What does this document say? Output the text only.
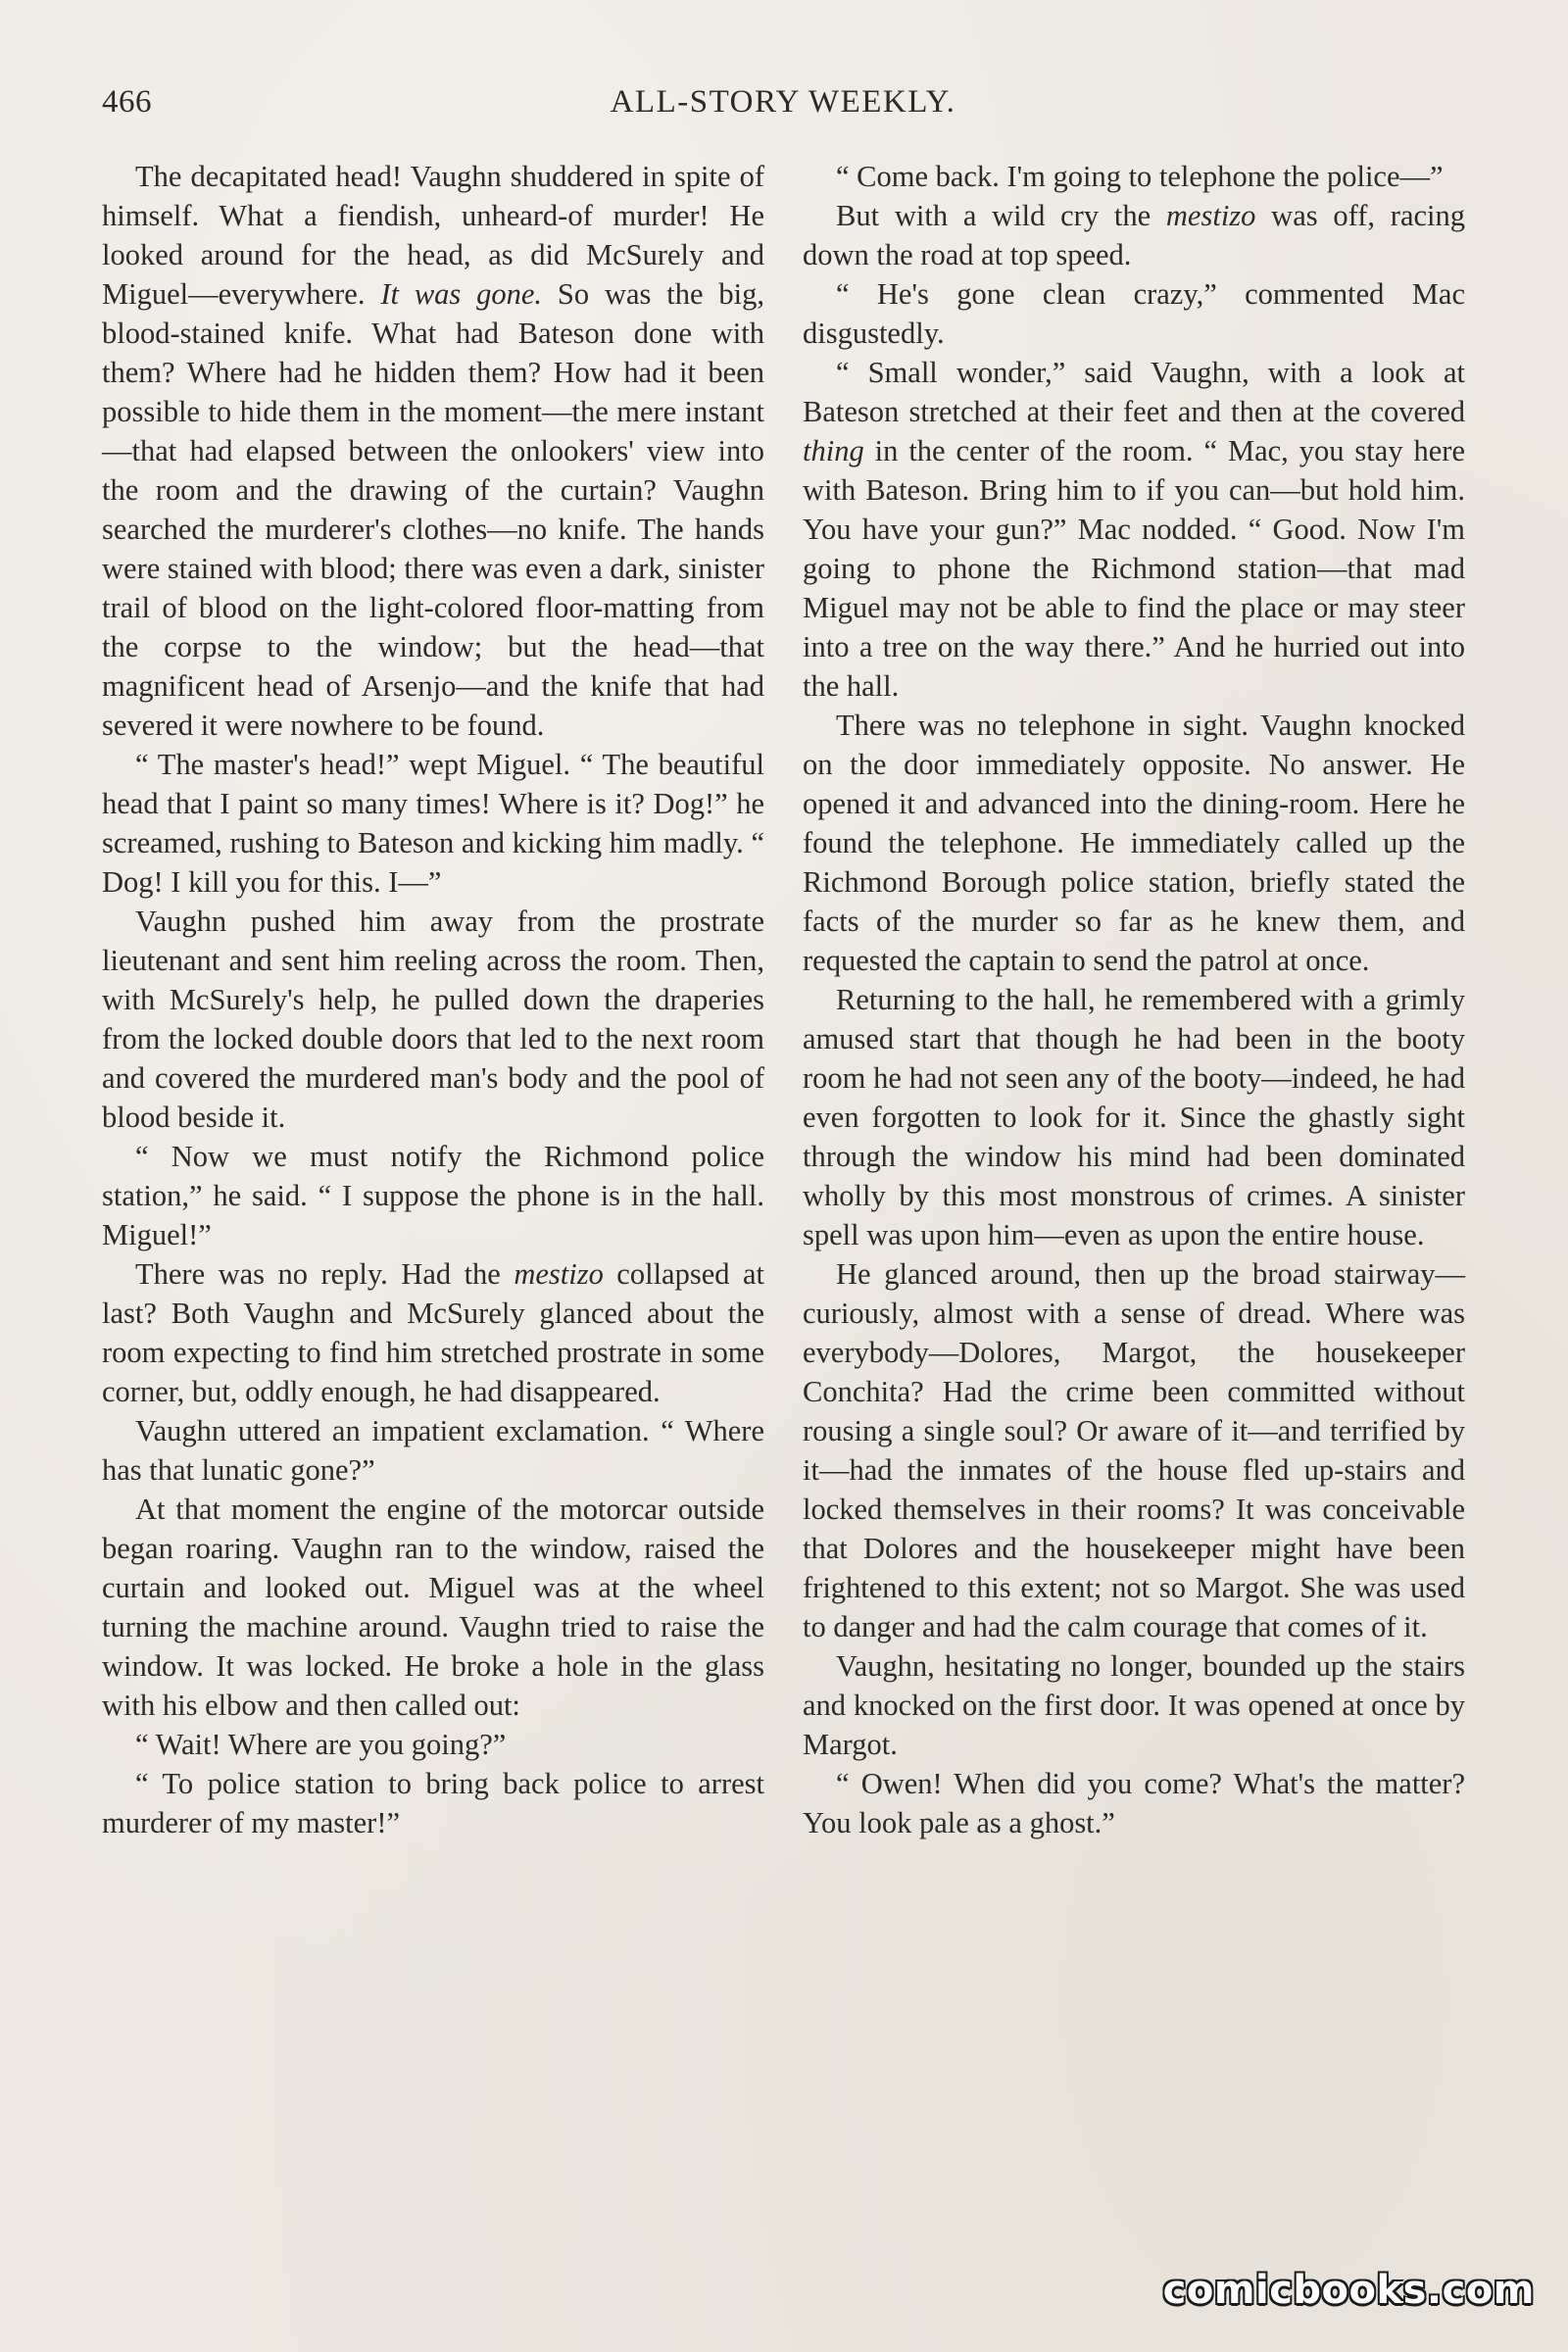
466	ALL-STORY WEEKLY.

The decapitated head! Vaughn shuddered in spite of himself. What a fiendish, unheard-of murder! He looked around for the head, as did McSurely and Miguel—everywhere. It was gone. So was the big, blood-stained knife. What had Bateson done with them? Where had he hidden them? How had it been possible to hide them in the moment—the mere instant—that had elapsed between the onlookers' view into the room and the drawing of the curtain? Vaughn searched the murderer's clothes—no knife. The hands were stained with blood; there was even a dark, sinister trail of blood on the light-colored floor-matting from the corpse to the window; but the head—that magnificent head of Arsenjo—and the knife that had severed it were nowhere to be found.

“ The master's head!” wept Miguel. “ The beautiful head that I paint so many times! Where is it? Dog!” he screamed, rushing to Bateson and kicking him madly. “ Dog! I kill you for this. I—”

Vaughn pushed him away from the prostrate lieutenant and sent him reeling across the room. Then, with McSurely's help, he pulled down the draperies from the locked double doors that led to the next room and covered the murdered man's body and the pool of blood beside it.

“ Now we must notify the Richmond police station,” he said. “ I suppose the phone is in the hall. Miguel!”

There was no reply. Had the mestizo collapsed at last? Both Vaughn and McSurely glanced about the room expecting to find him stretched prostrate in some corner, but, oddly enough, he had disappeared.

Vaughn uttered an impatient exclamation. “ Where has that lunatic gone?”

At that moment the engine of the motorcar outside began roaring. Vaughn ran to the window, raised the curtain and looked out. Miguel was at the wheel turning the machine around. Vaughn tried to raise the window. It was locked. He broke a hole in the glass with his elbow and then called out:

“ Wait! Where are you going?”

“ To police station to bring back police to arrest murderer of my master!”

“ Come back. I'm going to telephone the police—”

But with a wild cry the mestizo was off, racing down the road at top speed.

“ He's gone clean crazy,” commented Mac disgustedly.

“ Small wonder,” said Vaughn, with a look at Bateson stretched at their feet and then at the covered thing in the center of the room. “ Mac, you stay here with Bateson. Bring him to if you can—but hold him. You have your gun?” Mac nodded. “ Good. Now I'm going to phone the Richmond station—that mad Miguel may not be able to find the place or may steer into a tree on the way there.” And he hurried out into the hall.

There was no telephone in sight. Vaughn knocked on the door immediately opposite. No answer. He opened it and advanced into the dining-room. Here he found the telephone. He immediately called up the Richmond Borough police station, briefly stated the facts of the murder so far as he knew them, and requested the captain to send the patrol at once.

Returning to the hall, he remembered with a grimly amused start that though he had been in the booty room he had not seen any of the booty—indeed, he had even forgotten to look for it. Since the ghastly sight through the window his mind had been dominated wholly by this most monstrous of crimes. A sinister spell was upon him—even as upon the entire house.

He glanced around, then up the broad stairway—curiously, almost with a sense of dread. Where was everybody—Dolores, Margot, the housekeeper Conchita? Had the crime been committed without rousing a single soul? Or aware of it—and terrified by it—had the inmates of the house fled up-stairs and locked themselves in their rooms? It was conceivable that Dolores and the housekeeper might have been frightened to this extent; not so Margot. She was used to danger and had the calm courage that comes of it.

Vaughn, hesitating no longer, bounded up the stairs and knocked on the first door. It was opened at once by Margot.

“ Owen! When did you come? What's the matter? You look pale as a ghost.”

comicbooks.com
